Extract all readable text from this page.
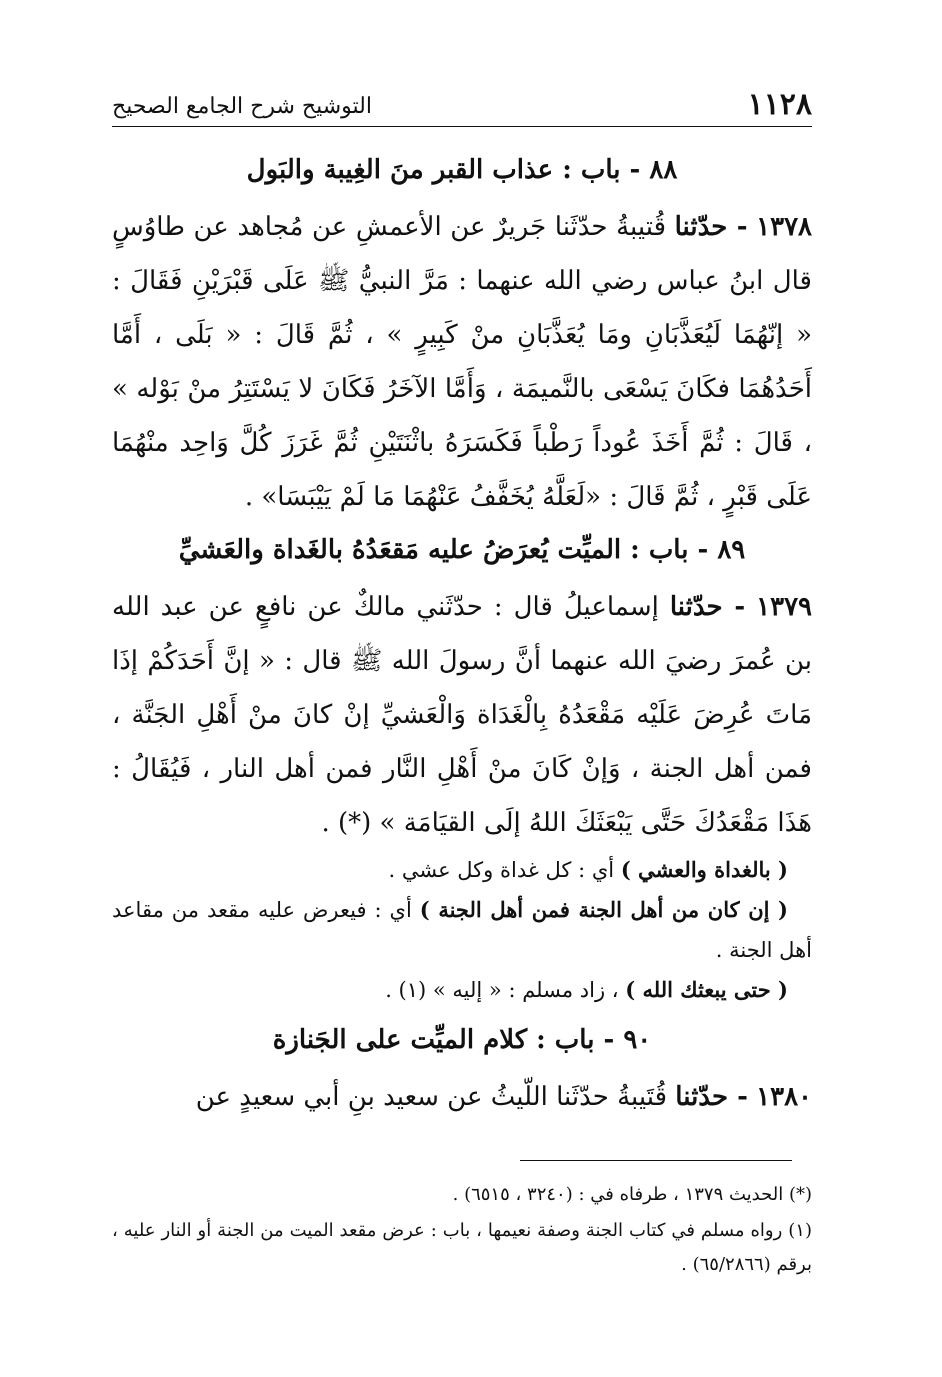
١١٢٨
التوشيح شرح الجامع الصحيح
٨٨ - باب : عذاب القبر منَ الغِيبة والبَول

١٣٧٨ - حدّثنا قُتيبةُ حدّثَنا جَريرٌ عن الأعمشِ عن مُجاهد عن طاوُسٍ قال ابنُ عباس رضي الله عنهما : مَرَّ النبيُّ ﷺ عَلَى قَبْرَيْنِ فَقَالَ : « إنّهُمَا لَيُعَذَّبَانِ ومَا يُعَذَّبَانِ منْ كَبِيرٍ » ، ثُمَّ قَالَ : « بَلَى ، أَمَّا أَحَدُهُمَا فكَانَ يَسْعَى بالنَّميمَة ، وَأَمَّا الآخَرُ فَكَانَ لا يَسْتَتِرُ منْ بَوْله » ، قَالَ : ثُمَّ أَخَذَ عُوداً رَطْباً فَكَسَرَهُ باثْنَتَيْنِ ثُمَّ غَرَزَ كُلَّ وَاحِد منْهُمَا عَلَى قَبْرٍ ، ثُمَّ قَالَ : «لَعَلَّهُ يُخَفَّفُ عَنْهُمَا مَا لَمْ يَيْبَسَا» .

٨٩ - باب : الميِّت يُعرَضُ عليه مَقعَدُهُ بالغَداة والعَشيِّ

١٣٧٩ - حدّثنا إسماعيلُ قال : حدّثَني مالكٌ عن نافعٍ عن عبد الله بن عُمرَ رضيَ الله عنهما أنَّ رسولَ الله ﷺ قال : « إنَّ أَحَدَكُمْ إذَا مَاتَ عُرِضَ عَلَيْه مَقْعَدُهُ بِالْغَدَاة وَالْعَشيِّ إنْ كانَ منْ أَهْلِ الجَنَّة ، فمن أهل الجنة ، وَإنْ كَانَ منْ أَهْلِ النَّار فمن أهل النار ، فَيُقَالُ : هَذَا مَقْعَدُكَ حَتَّى يَبْعَثَكَ اللهُ إلَى القيَامَة » (*) .

( بالغداة والعشي ) أي : كل غداة وكل عشي .

( إن كان من أهل الجنة فمن أهل الجنة ) أي : فيعرض عليه مقعد من مقاعد أهل الجنة .

( حتى يبعثك الله ) ، زاد مسلم : « إليه » (١) .

٩٠ - باب : كلام الميِّت على الجَنازة

١٣٨٠ - حدّثنا قُتَيبةُ حدّثَنا اللّيثُ عن سعيد بنِ أبي سعيدٍ عن

(*) الحديث ١٣٧٩ ، طرفاه في : (٣٢٤٠ ، ٦٥١٥) .

(١) رواه مسلم في كتاب الجنة وصفة نعيمها ، باب : عرض مقعد الميت من الجنة أو النار عليه ، برقم (٦٥/٢٨٦٦) .
